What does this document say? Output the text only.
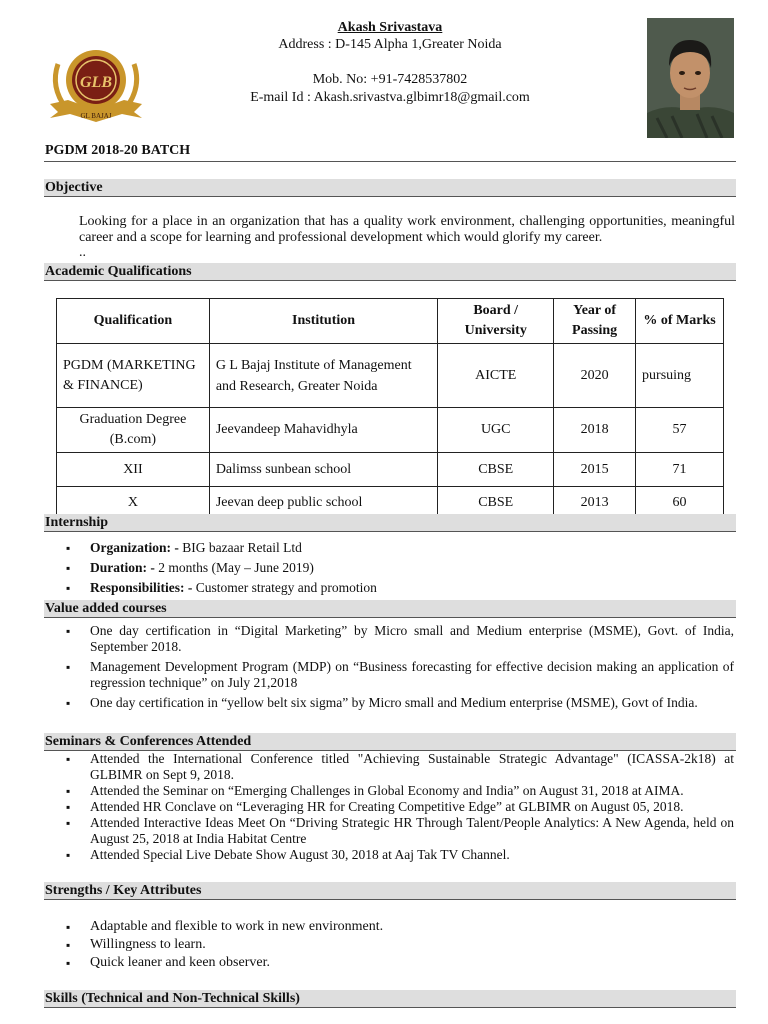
GL BAJAJ
GLB
Akash Srivastava
Address : D-145 Alpha 1,Greater Noida
Mob. No: +91-7428537802
E-mail Id : Akash.srivastva.glbimr18@gmail.com
PGDM 2018-20 BATCH
Objective
Looking for a place in an organization that has a quality work environment, challenging opportunities, meaningful career and a scope for learning and professional development which would glorify my career.
..
Academic Qualifications
Qualification	Institution	Board / University	Year of Passing	% of Marks
PGDM (MARKETING & FINANCE)	G L Bajaj Institute of Management and Research, Greater Noida	AICTE	2020	pursuing
Graduation Degree (B.com)	Jeevandeep Mahavidhyla	UGC	2018	57
XII	Dalimss sunbean school	CBSE	2015	71
X	Jeevan deep public school	CBSE	2013	60
Internship
▪ Organization: - BIG bazaar Retail Ltd
▪ Duration: - 2 months (May – June 2019)
▪ Responsibilities: - Customer strategy and promotion
Value added courses
▪ One day certification in “Digital Marketing” by Micro small and Medium enterprise (MSME), Govt. of India, September 2018.
▪ Management Development Program (MDP) on “Business forecasting for effective decision making an application of regression technique” on July 21,2018
▪ One day certification in “yellow belt six sigma” by Micro small and Medium enterprise (MSME), Govt of India.
Seminars & Conferences Attended
▪ Attended the International Conference titled "Achieving Sustainable Strategic Advantage" (ICASSA-2k18) at GLBIMR on Sept 9, 2018.
▪ Attended the Seminar on “Emerging Challenges in Global Economy and India” on August 31, 2018 at AIMA.
▪ Attended HR Conclave on “Leveraging HR for Creating Competitive Edge” at GLBIMR on August 05, 2018.
▪ Attended Interactive Ideas Meet On “Driving Strategic HR Through Talent/People Analytics: A New Agenda, held on August 25, 2018 at India Habitat Centre
▪ Attended Special Live Debate Show August 30, 2018 at Aaj Tak TV Channel.
Strengths / Key Attributes
▪ Adaptable and flexible to work in new environment.
▪ Willingness to learn.
▪ Quick leaner and keen observer.
Skills (Technical and Non-Technical Skills)
